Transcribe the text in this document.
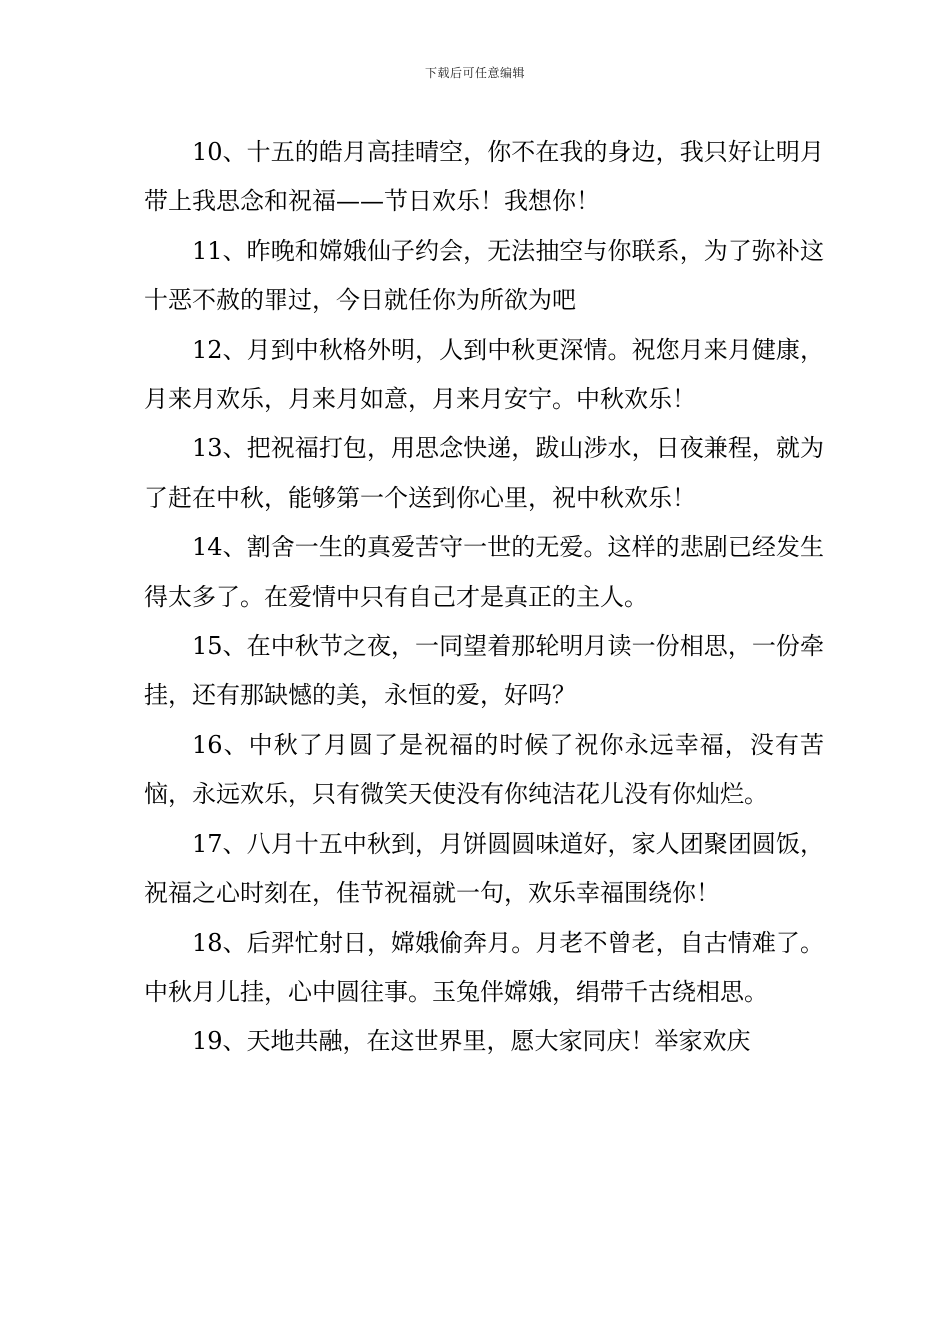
下载后可任意编辑

10、十五的皓月高挂晴空，你不在我的身边，我只好让明月带上我思念和祝福——节日欢乐！我想你！

11、昨晚和嫦娥仙子约会，无法抽空与你联系，为了弥补这十恶不赦的罪过，今日就任你为所欲为吧

12、月到中秋格外明，人到中秋更深情。祝您月来月健康，月来月欢乐，月来月如意，月来月安宁。中秋欢乐！

13、把祝福打包，用思念快递，跋山涉水，日夜兼程，就为了赶在中秋，能够第一个送到你心里，祝中秋欢乐！

14、割舍一生的真爱苦守一世的无爱。这样的悲剧已经发生得太多了。在爱情中只有自己才是真正的主人。

15、在中秋节之夜，一同望着那轮明月读一份相思，一份牵挂，还有那缺憾的美，永恒的爱，好吗？

16、中秋了月圆了是祝福的时候了祝你永远幸福，没有苦恼，永远欢乐，只有微笑天使没有你纯洁花儿没有你灿烂。

17、八月十五中秋到，月饼圆圆味道好，家人团聚团圆饭，祝福之心时刻在，佳节祝福就一句，欢乐幸福围绕你！

18、后羿忙射日，嫦娥偷奔月。月老不曾老，自古情难了。中秋月儿挂，心中圆往事。玉兔伴嫦娥，绢带千古绕相思。

19、天地共融，在这世界里，愿大家同庆！举家欢庆
